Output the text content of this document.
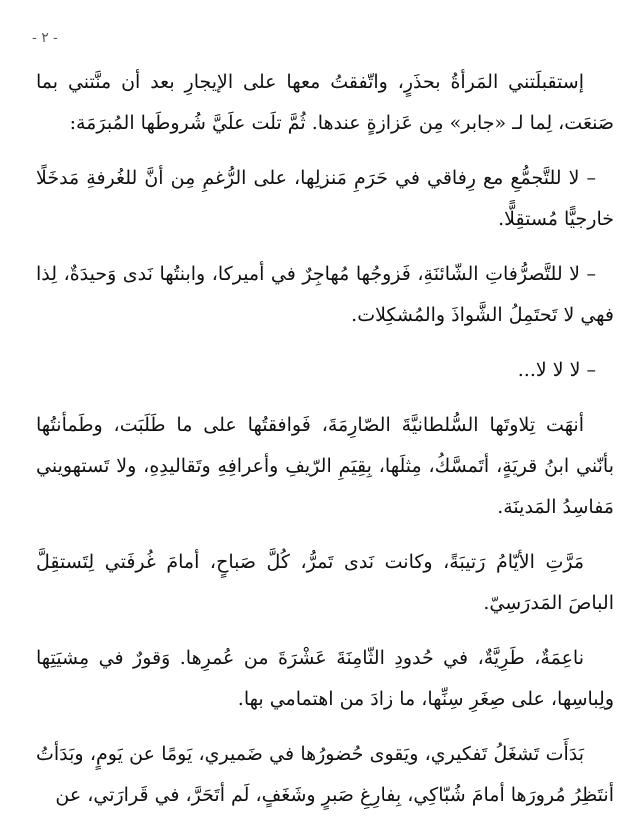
- ٢ -

إستقبلَتني المَرأةُ بحذَرٍ، واتّفقتُ معها على الإيجارِ بعد أن منَّتني بما صَنعَت، لِما لـ «جابر» مِن عَزازةٍ عندها. ثُمَّ تلَت علَيَّ شُروطَها المُبرَمَة:

– لا للتَّجمُّعِ مع رِفاقي في حَرَمِ مَنزلِها، على الرُّغمِ مِن أنَّ للغُرفةِ مَدخَلًا خارجيًّا مُستقِلًّا.

– لا للتَّصرُّفاتِ الشّائنَةِ، فَزوجُها مُهاجِرٌ في أميركا، وابنتُها نَدى وَحيدَةٌ، لِذا فهي لا تَحتَمِلُ الشَّواذَ والمُشكِلات.

– لا لا لا...

أنهَت تِلاوتَها السُّلطانيَّةَ الصّارِمَةَ، فَوافقتُها على ما طَلَبَت، وطَمأنتُها بأنّني ابنُ قريَةٍ، أتَمسَّكُ، مِثلَها، بِقِيَمِ الرّيفِ وأعرافِهِ وتَقاليدِهِ، ولا تَستهويني مَفاسِدُ المَدينَة.

مَرَّتِ الأيّامُ رَتيبَةً، وكانت نَدى تَمرُّ، كُلَّ صَباحٍ، أمامَ غُرفَتي لِتَستقِلَّ الباصَ المَدرَسِيّ.

ناعِمَةٌ، طَرِيَّةٌ، في حُدودِ الثّامِنَةَ عَشْرَةَ من عُمرِها. وَقورٌ في مِشيَتِها ولِباسِها، على صِغَرِ سِنِّها، ما زادَ من اهتمامي بها.

بَدَأَت تَشغَلُ تَفكيري، ويَقوى حُضورُها في ضَميري، يَومًا عن يَومٍ، وبَدَأتُ أنتَظِرُ مُرورَها أمامَ شُبّاكِي، بِفارِغِ صَبرٍ وشَغَفٍ، لَم أتَحَرَّ، في قَرارَتي، عن
